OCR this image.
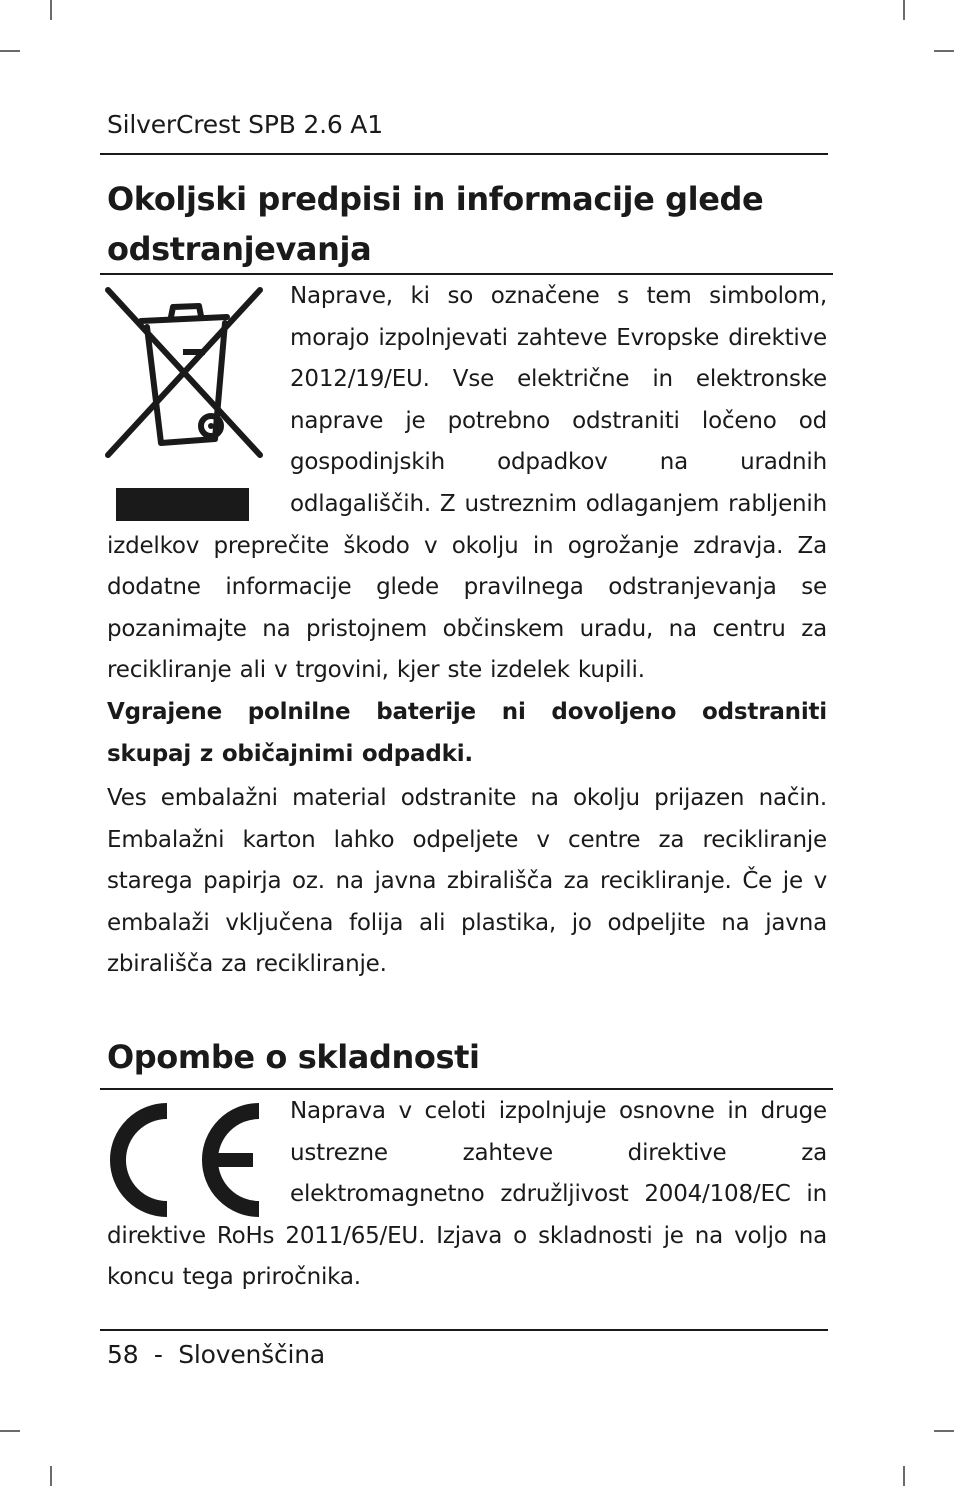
SilverCrest SPB 2.6 A1
Okoljski predpisi in informacije glede odstranjevanja
Naprave, ki so označene s tem simbolom, morajo izpolnjevati zahteve Evropske direktive 2012/19/EU. Vse električne in elektronske naprave je potrebno odstraniti ločeno od gospodinjskih odpadkov na uradnih odlagališčih. Z ustreznim odlaganjem rabljenih izdelkov preprečite škodo v okolju in ogrožanje zdravja. Za dodatne informacije glede pravilnega odstranjevanja se pozanimajte na pristojnem občinskem uradu, na centru za recikliranje ali v trgovini, kjer ste izdelek kupili.

Vgrajene polnilne baterije ni dovoljeno odstraniti skupaj z običajnimi odpadki.

Ves embalažni material odstranite na okolju prijazen način. Embalažni karton lahko odpeljete v centre za recikliranje starega papirja oz. na javna zbirališča za recikliranje. Če je v embalaži vključena folija ali plastika, jo odpeljite na javna zbirališča za recikliranje.

Opombe o skladnosti
Naprava v celoti izpolnjuje osnovne in druge ustrezne zahteve direktive za elektromagnetno združljivost 2004/108/EC in direktive RoHs 2011/65/EU. Izjava o skladnosti je na voljo na koncu tega priročnika.
58  -  Slovenščina
